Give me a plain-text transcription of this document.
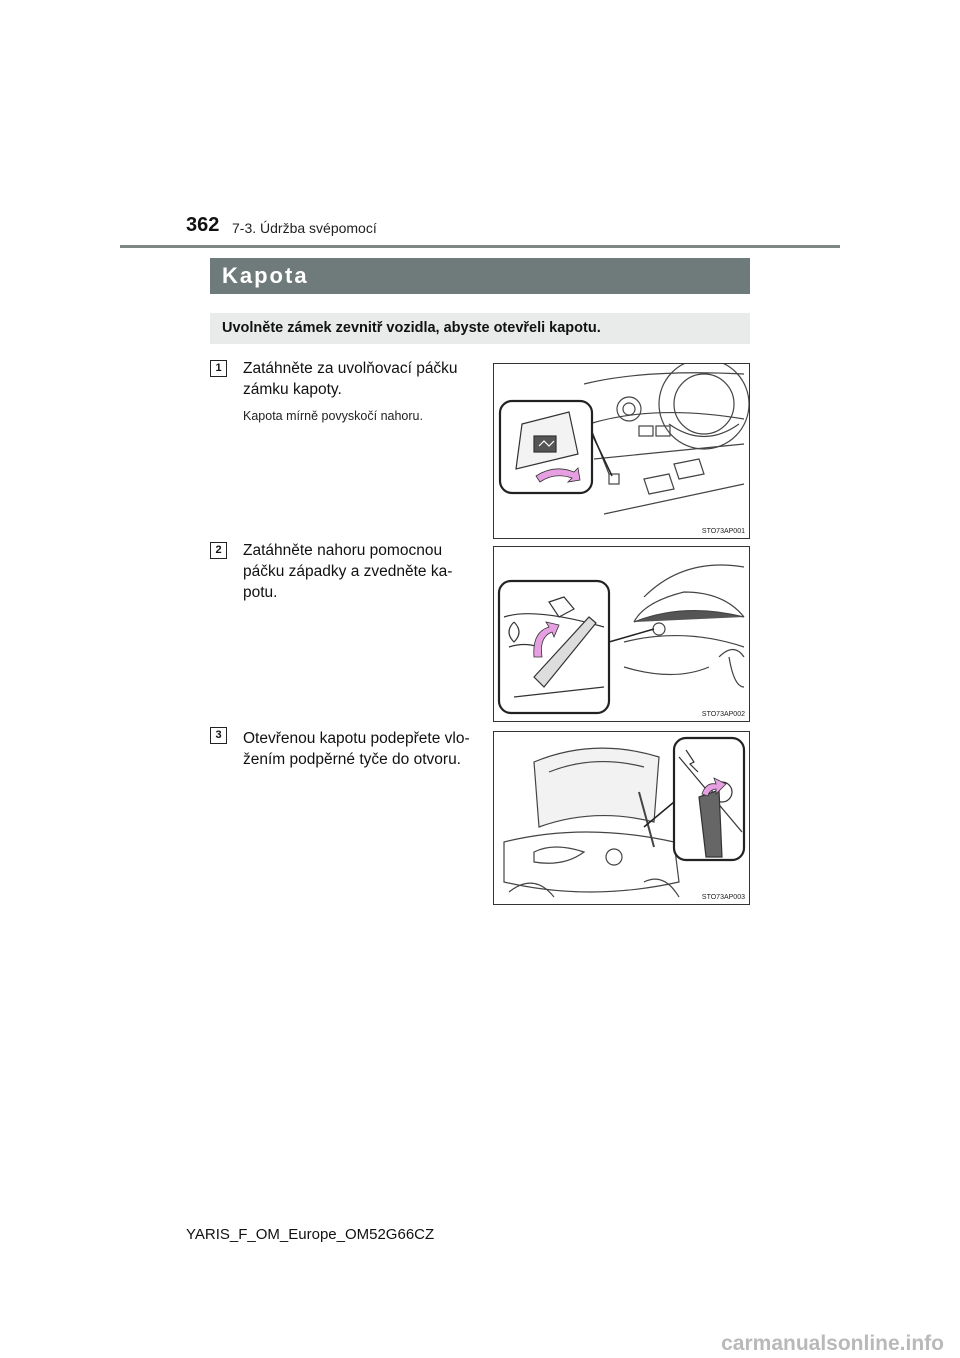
362 7-3. Údržba svépomocí
Kapota
Uvolněte zámek zevnitř vozidla, abyste otevřeli kapotu.
1	Zatáhněte za uvolňovací páčku
zámku kapoty.
Kapota mírně povyskočí nahoru.
STO73AP001
2	Zatáhněte nahoru pomocnou
páčku západky a zvedněte ka-
potu.
STO73AP002
3	Otevřenou kapotu podepřete vlo-
žením podpěrné tyče do otvoru.
STO73AP003
YARIS_F_OM_Europe_OM52G66CZ
carmanualsonline.info
